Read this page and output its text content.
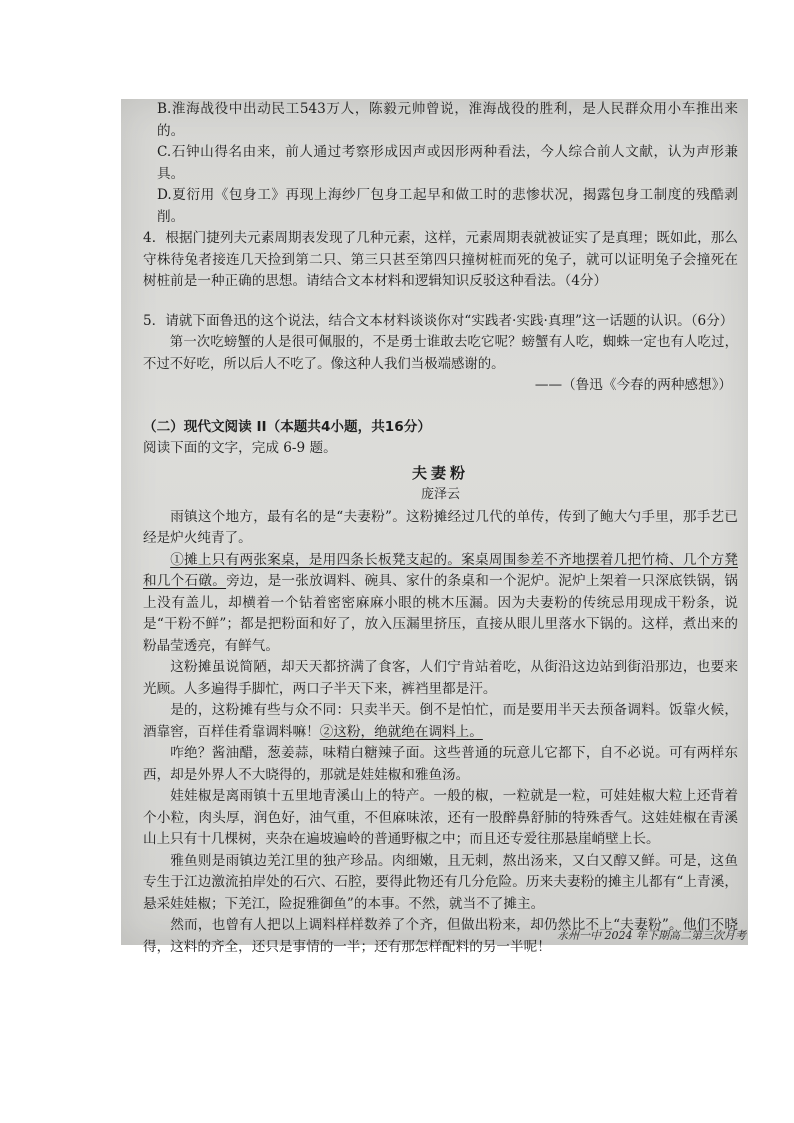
B.淮海战役中出动民工543万人，陈毅元帅曾说，淮海战役的胜利，是人民群众用小车推出来的。

C.石钟山得名由来，前人通过考察形成因声或因形两种看法，今人综合前人文献，认为声形兼具。

D.夏衍用《包身工》再现上海纱厂包身工起早和做工时的悲惨状况，揭露包身工制度的残酷剥削。

4．根据门捷列夫元素周期表发现了几种元素，这样，元素周期表就被证实了是真理；既如此，那么守株待兔者接连几天捡到第二只、第三只甚至第四只撞树桩而死的兔子，就可以证明兔子会撞死在树桩前是一种正确的思想。请结合文本材料和逻辑知识反驳这种看法。（4分）

5．请就下面鲁迅的这个说法，结合文本材料谈谈你对“实践者·实践·真理”这一话题的认识。（6分）

第一次吃螃蟹的人是很可佩服的，不是勇士谁敢去吃它呢？螃蟹有人吃，蜘蛛一定也有人吃过，不过不好吃，所以后人不吃了。像这种人我们当极端感谢的。

——（鲁迅《今春的两种感想》）

（二）现代文阅读 II（本题共4小题，共16分）

阅读下面的文字，完成 6-9 题。

夫妻粉

庞泽云

雨镇这个地方，最有名的是“夫妻粉”。这粉摊经过几代的单传，传到了鲍大勺手里，那手艺已经是炉火纯青了。

①摊上只有两张案桌，是用四条长板凳支起的。案桌周围参差不齐地摆着几把竹椅、几个方凳和几个石礅。旁边，是一张放调料、碗具、家什的条桌和一个泥炉。泥炉上架着一只深底铁锅，锅上没有盖儿，却横着一个钻着密密麻麻小眼的桃木压漏。因为夫妻粉的传统忌用现成干粉条，说是“干粉不鲜”；都是把粉面和好了，放入压漏里挤压，直接从眼儿里落水下锅的。这样，煮出来的粉晶莹透亮，有鲜气。

这粉摊虽说简陋，却天天都挤满了食客，人们宁肯站着吃，从街沿这边站到街沿那边，也要来光顾。人多遍得手脚忙，两口子半天下来，裤裆里都是汗。

是的，这粉摊有些与众不同：只卖半天。倒不是怕忙，而是要用半天去预备调料。饭靠火候，酒靠窖，百样佳肴靠调料嘛！②这粉，绝就绝在调料上。

咋绝？酱油醋，葱姜蒜，味精白糖辣子面。这些普通的玩意儿它都下，自不必说。可有两样东西，却是外界人不大晓得的，那就是娃娃椒和雅鱼汤。

娃娃椒是离雨镇十五里地青溪山上的特产。一般的椒，一粒就是一粒，可娃娃椒大粒上还背着个小粒，肉头厚，润色好，油气重，不但麻味浓，还有一股醉鼻舒肺的特殊香气。这娃娃椒在青溪山上只有十几棵树，夹杂在遍坡遍岭的普通野椒之中；而且还专爱往那悬崖峭壁上长。

雅鱼则是雨镇边羌江里的独产珍品。肉细嫩，且无刺，熬出汤来，又白又醇又鲜。可是，这鱼专生于江边激流拍岸处的石穴、石腔，要得此物还有几分危险。历来夫妻粉的摊主儿都有“上青溪，悬采娃娃椒；下羌江，险捉雅御鱼”的本事。不然，就当不了摊主。

然而，也曾有人把以上调料样样数养了个齐，但做出粉来，却仍然比不上“夫妻粉”。他们不晓得，这料的齐全，还只是事情的一半；还有那怎样配料的另一半呢！

永州一中 2024 年下期高二第三次月考
